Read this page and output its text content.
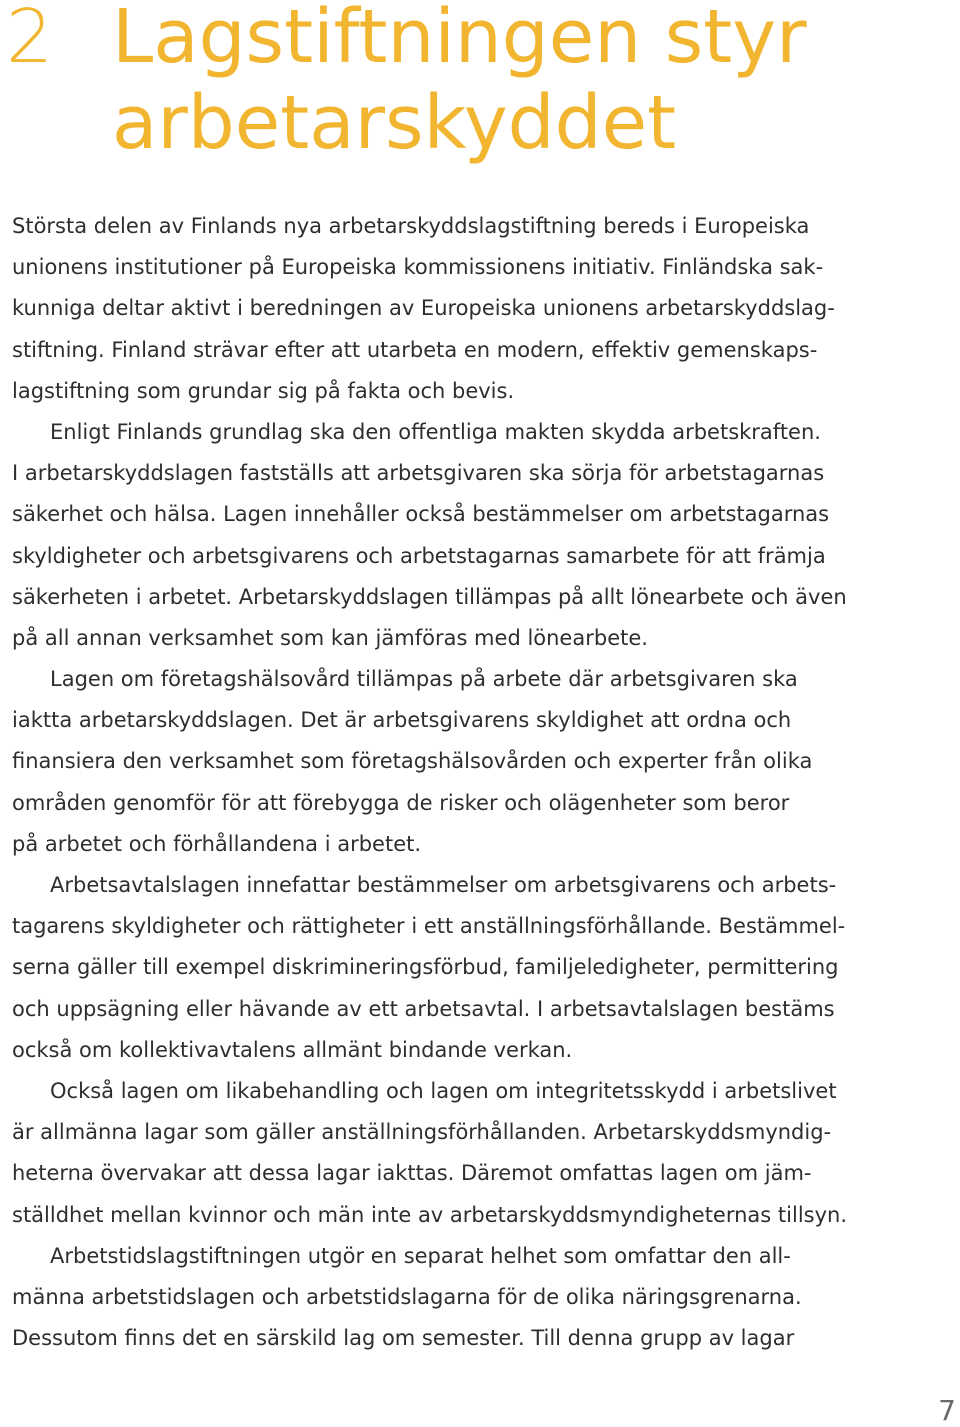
2 Lagstiftningen styr
arbetarskyddet
Största delen av Finlands nya arbetarskyddslagstiftning bereds i Europeiska
unionens institutioner på Europeiska kommissionens initiativ. Finländska sak-
kunniga deltar aktivt i beredningen av Europeiska unionens arbetarskyddslag-
stiftning. Finland strävar efter att utarbeta en modern, effektiv gemenskaps-
lagstiftning som grundar sig på fakta och bevis.
Enligt Finlands grundlag ska den offentliga makten skydda arbetskraften.
I arbetarskyddslagen fastställs att arbetsgivaren ska sörja för arbetstagarnas
säkerhet och hälsa. Lagen innehåller också bestämmelser om arbetstagarnas
skyldigheter och arbetsgivarens och arbetstagarnas samarbete för att främja
säkerheten i arbetet. Arbetarskyddslagen tillämpas på allt lönearbete och även
på all annan verksamhet som kan jämföras med lönearbete.
Lagen om företagshälsovård tillämpas på arbete där arbetsgivaren ska
iaktta arbetarskyddslagen. Det är arbetsgivarens skyldighet att ordna och
finansiera den verksamhet som företagshälsovården och experter från olika
områden genomför för att förebygga de risker och olägenheter som beror
på arbetet och förhållandena i arbetet.
Arbetsavtalslagen innefattar bestämmelser om arbetsgivarens och arbets-
tagarens skyldigheter och rättigheter i ett anställningsförhållande. Bestämmel-
serna gäller till exempel diskrimineringsförbud, familjeledigheter, permittering
och uppsägning eller hävande av ett arbetsavtal. I arbetsavtalslagen bestäms
också om kollektivavtalens allmänt bindande verkan.
Också lagen om likabehandling och lagen om integritetsskydd i arbetslivet
är allmänna lagar som gäller anställningsförhållanden. Arbetarskyddsmyndig-
heterna övervakar att dessa lagar iakttas. Däremot omfattas lagen om jäm-
ställdhet mellan kvinnor och män inte av arbetarskyddsmyndigheternas tillsyn.
Arbetstidslagstiftningen utgör en separat helhet som omfattar den all-
männa arbetstidslagen och arbetstidslagarna för de olika näringsgrenarna.
Dessutom finns det en särskild lag om semester. Till denna grupp av lagar
7
